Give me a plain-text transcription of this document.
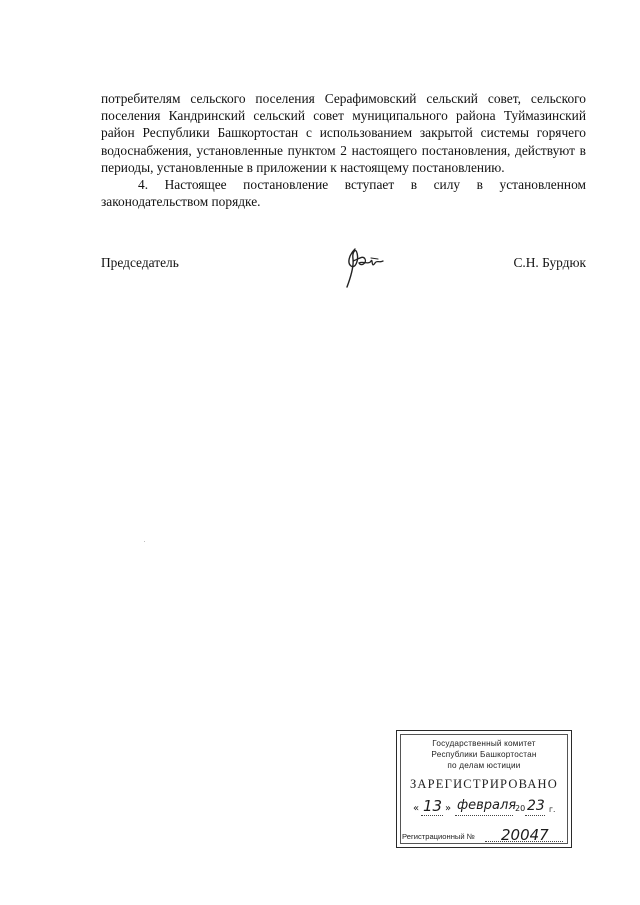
потребителям сельского поселения Серафимовский сельский совет, сельского поселения Кандринский сельский совет муниципального района Туймазинский район Республики Башкортостан с использованием закрытой системы горячего водоснабжения, установленные пунктом 2 настоящего постановления, действуют в периоды, установленные в приложении к настоящему постановлению.

4. Настоящее постановление вступает в силу в установленном законодательством порядке.

Председатель	С.Н. Бурдюк
Государственный комитет
Республики Башкортостан
по делам юстиции
ЗАРЕГИСТРИРОВАНО
« 13 » февраля
20 23 г.
Регистрационный № 20047
